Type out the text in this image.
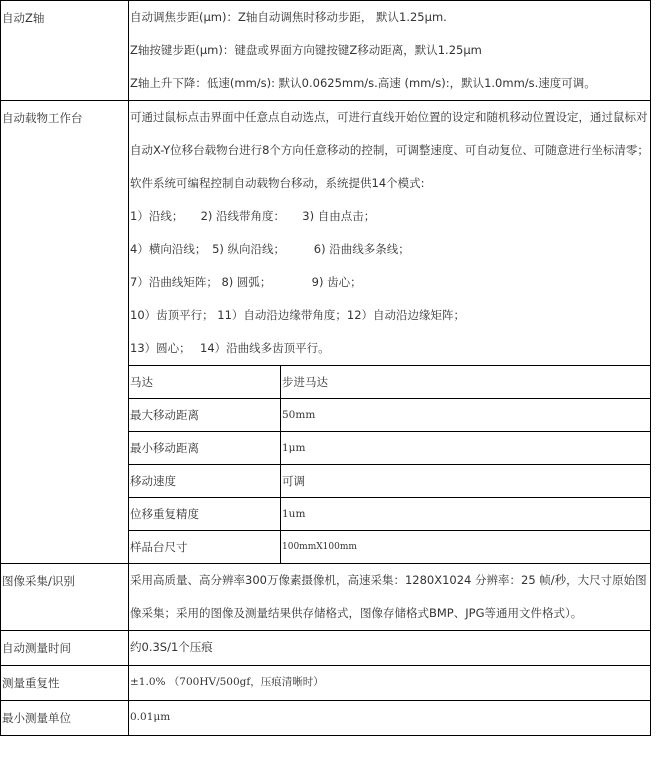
自动Z轴	自动调焦步距(μm)：Z轴自动调焦时移动步距， 默认1.25μm.
Z轴按键步距(μm)：键盘或界面方向键按键Z移动距离，默认1.25μm
Z轴上升下降：低速(mm/s): 默认0.0625mm/s.高速 (mm/s):，默认1.0mm/s.速度可调。

自动载物工作台	可通过鼠标点击界面中任意点自动选点，可进行直线开始位置的设定和随机移动位置设定，通过鼠标对自动X-Y位移台载物台进行8个方向任意移动的控制，可调整速度、可自动复位、可随意进行坐标清零；
软件系统可编程控制自动载物台移动，系统提供14个模式:
1）沿线；　　2) 沿线带角度：　　3) 自由点击；
4）横向沿线；　5) 纵向沿线；　　　6) 沿曲线多条线；
7）沿曲线矩阵； 8) 圆弧；　　　　9) 齿心；
10）齿顶平行； 11）自动沿边缘带角度；12）自动沿边缘矩阵；
13）圆心；　 14）沿曲线多齿顶平行。
马达	步进马达
最大移动距离	50mm
最小移动距离	1μm
移动速度	可调
位移重复精度	1um
样品台尺寸	100mmX100mm

图像采集/识别	采用高质量、高分辨率300万像素摄像机，高速采集：1280X1024 分辨率：25 帧/秒，大尺寸原始图像采集；采用的图像及测量结果供存储格式，图像存储格式BMP、JPG等通用文件格式）。

自动测量时间	约0.3S/1个压痕

测量重复性	±1.0% （700HV/500gf，压痕清晰时）

最小测量单位	0.01μm
